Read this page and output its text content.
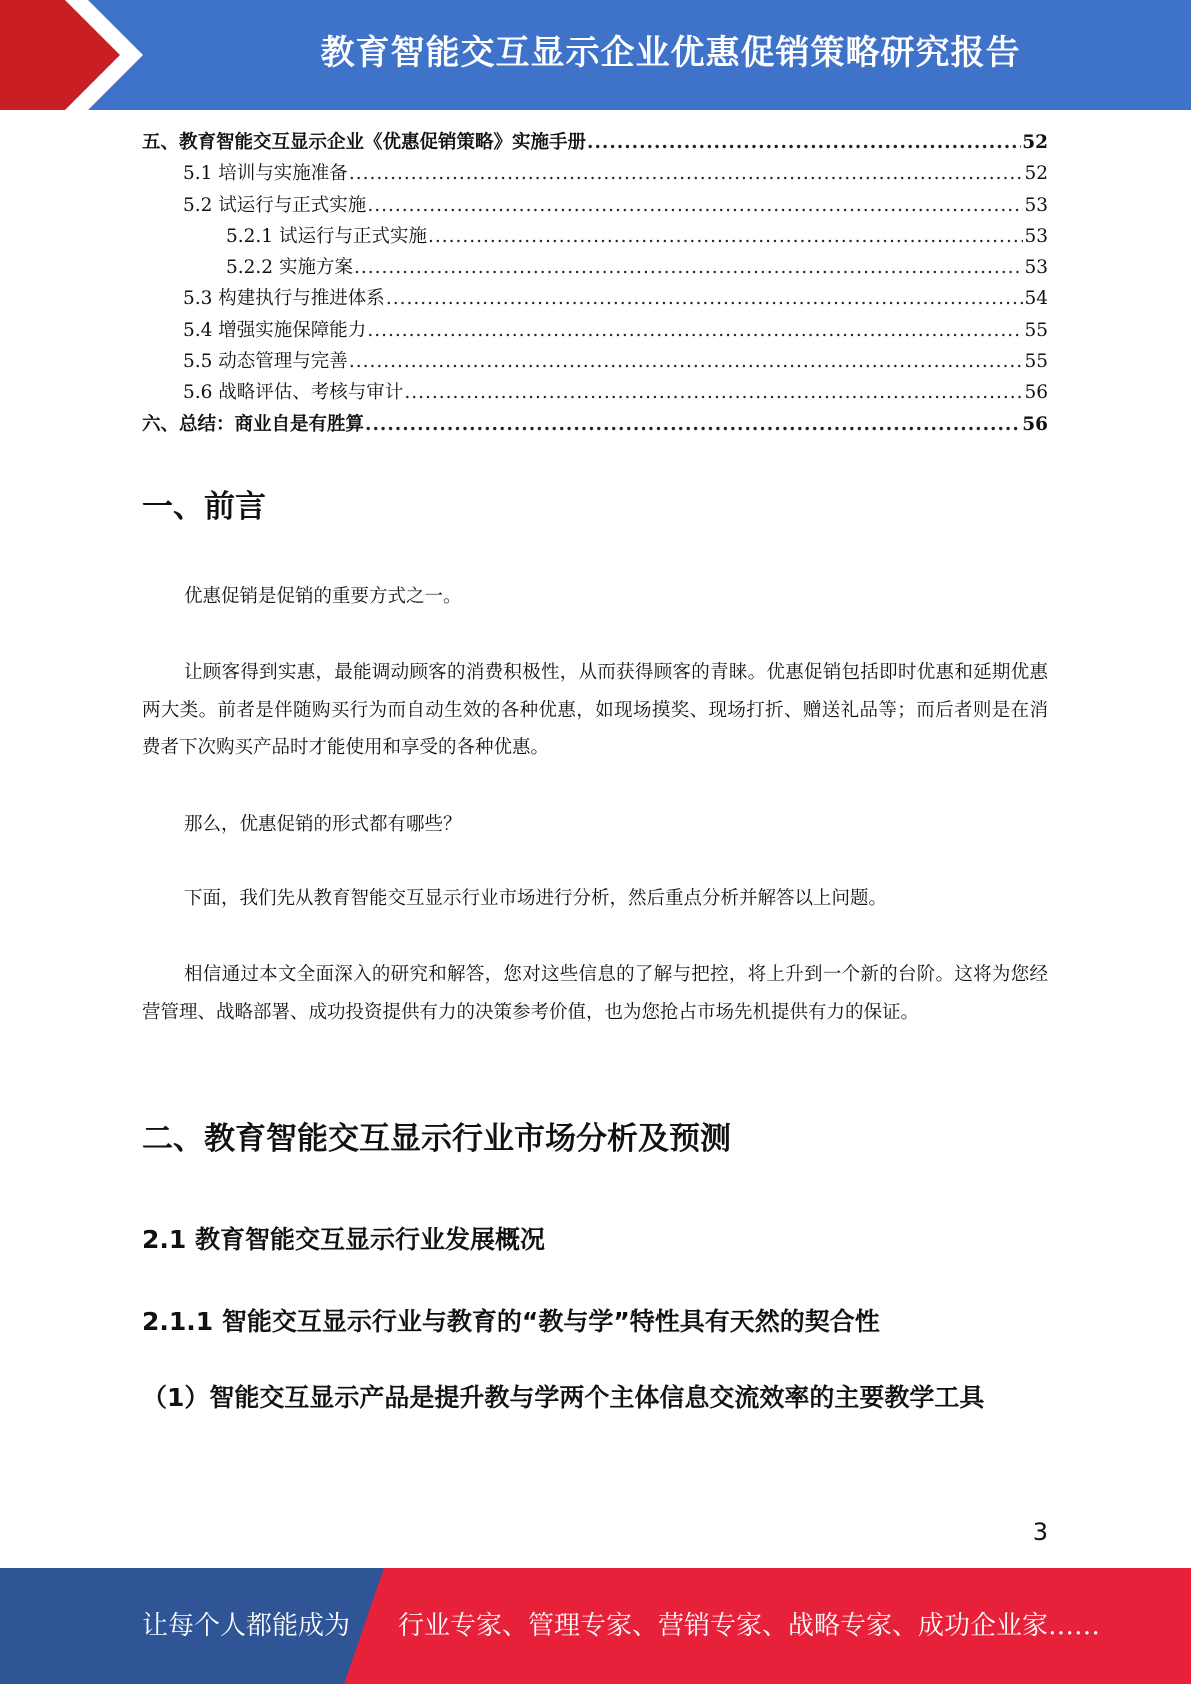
教育智能交互显示企业优惠促销策略研究报告
五、教育智能交互显示企业《优惠促销策略》实施手册 .....	52
5.1 培训与实施准备 .....	52
5.2 试运行与正式实施 .....	53
5.2.1 试运行与正式实施 .....	53
5.2.2 实施方案 .....	53
5.3 构建执行与推进体系 .....	54
5.4 增强实施保障能力 .....	55
5.5 动态管理与完善 .....	55
5.6 战略评估、考核与审计 .....	56
六、总结：商业自是有胜算 .....	56
一、前言

优惠促销是促销的重要方式之一。

让顾客得到实惠，最能调动顾客的消费积极性，从而获得顾客的青睐。优惠促销包括即时优惠和延期优惠两大类。前者是伴随购买行为而自动生效的各种优惠，如现场摸奖、现场打折、赠送礼品等；而后者则是在消费者下次购买产品时才能使用和享受的各种优惠。

那么，优惠促销的形式都有哪些？

下面，我们先从教育智能交互显示行业市场进行分析，然后重点分析并解答以上问题。

相信通过本文全面深入的研究和解答，您对这些信息的了解与把控，将上升到一个新的台阶。这将为您经营管理、战略部署、成功投资提供有力的决策参考价值，也为您抢占市场先机提供有力的保证。

二、教育智能交互显示行业市场分析及预测
2.1 教育智能交互显示行业发展概况
2.1.1 智能交互显示行业与教育的“教与学”特性具有天然的契合性
（1）智能交互显示产品是提升教与学两个主体信息交流效率的主要教学工具
3
让每个人都能成为 行业专家、管理专家、营销专家、战略专家、成功企业家……
